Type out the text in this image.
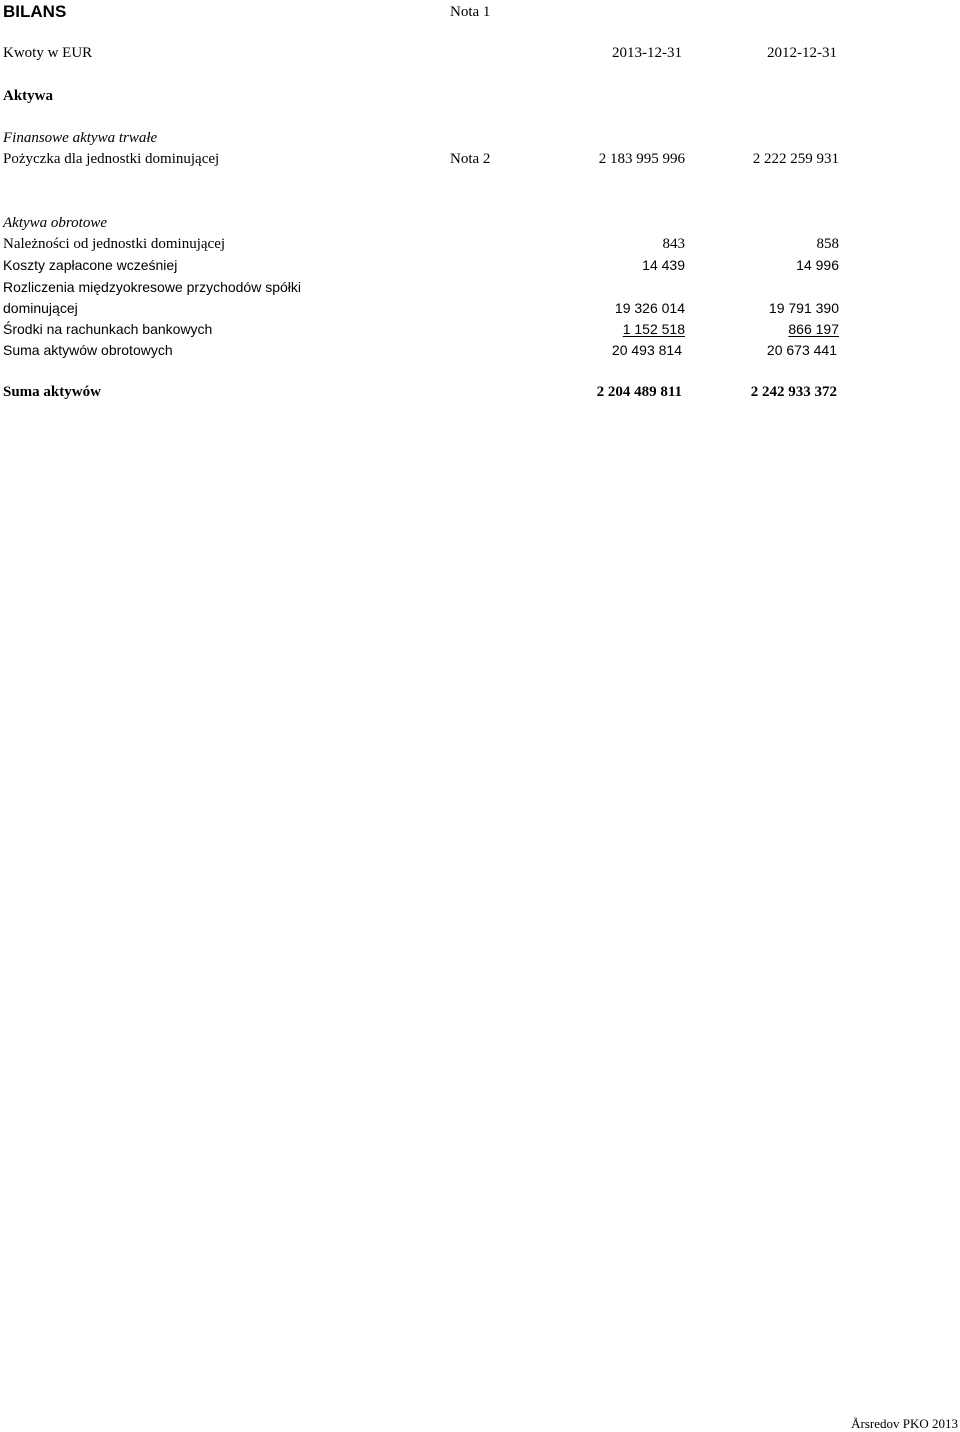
BILANS	Nota 1
Kwoty w EUR	2013-12-31	2012-12-31
Aktywa
Finansowe aktywa trwałe
Pożyczka dla jednostki dominującej	Nota 2	2 183 995 996	2 222 259 931
Aktywa obrotowe
Należności od jednostki dominującej	843	858
Koszty zapłacone wcześniej	14 439	14 996
Rozliczenia międzyokresowe przychodów spółki
dominującej	19 326 014	19 791 390
Środki na rachunkach bankowych	1 152 518	866 197
Suma aktywów obrotowych	20 493 814	20 673 441
Suma aktywów	2 204 489 811	2 242 933 372
Årsredov PKO 2013
